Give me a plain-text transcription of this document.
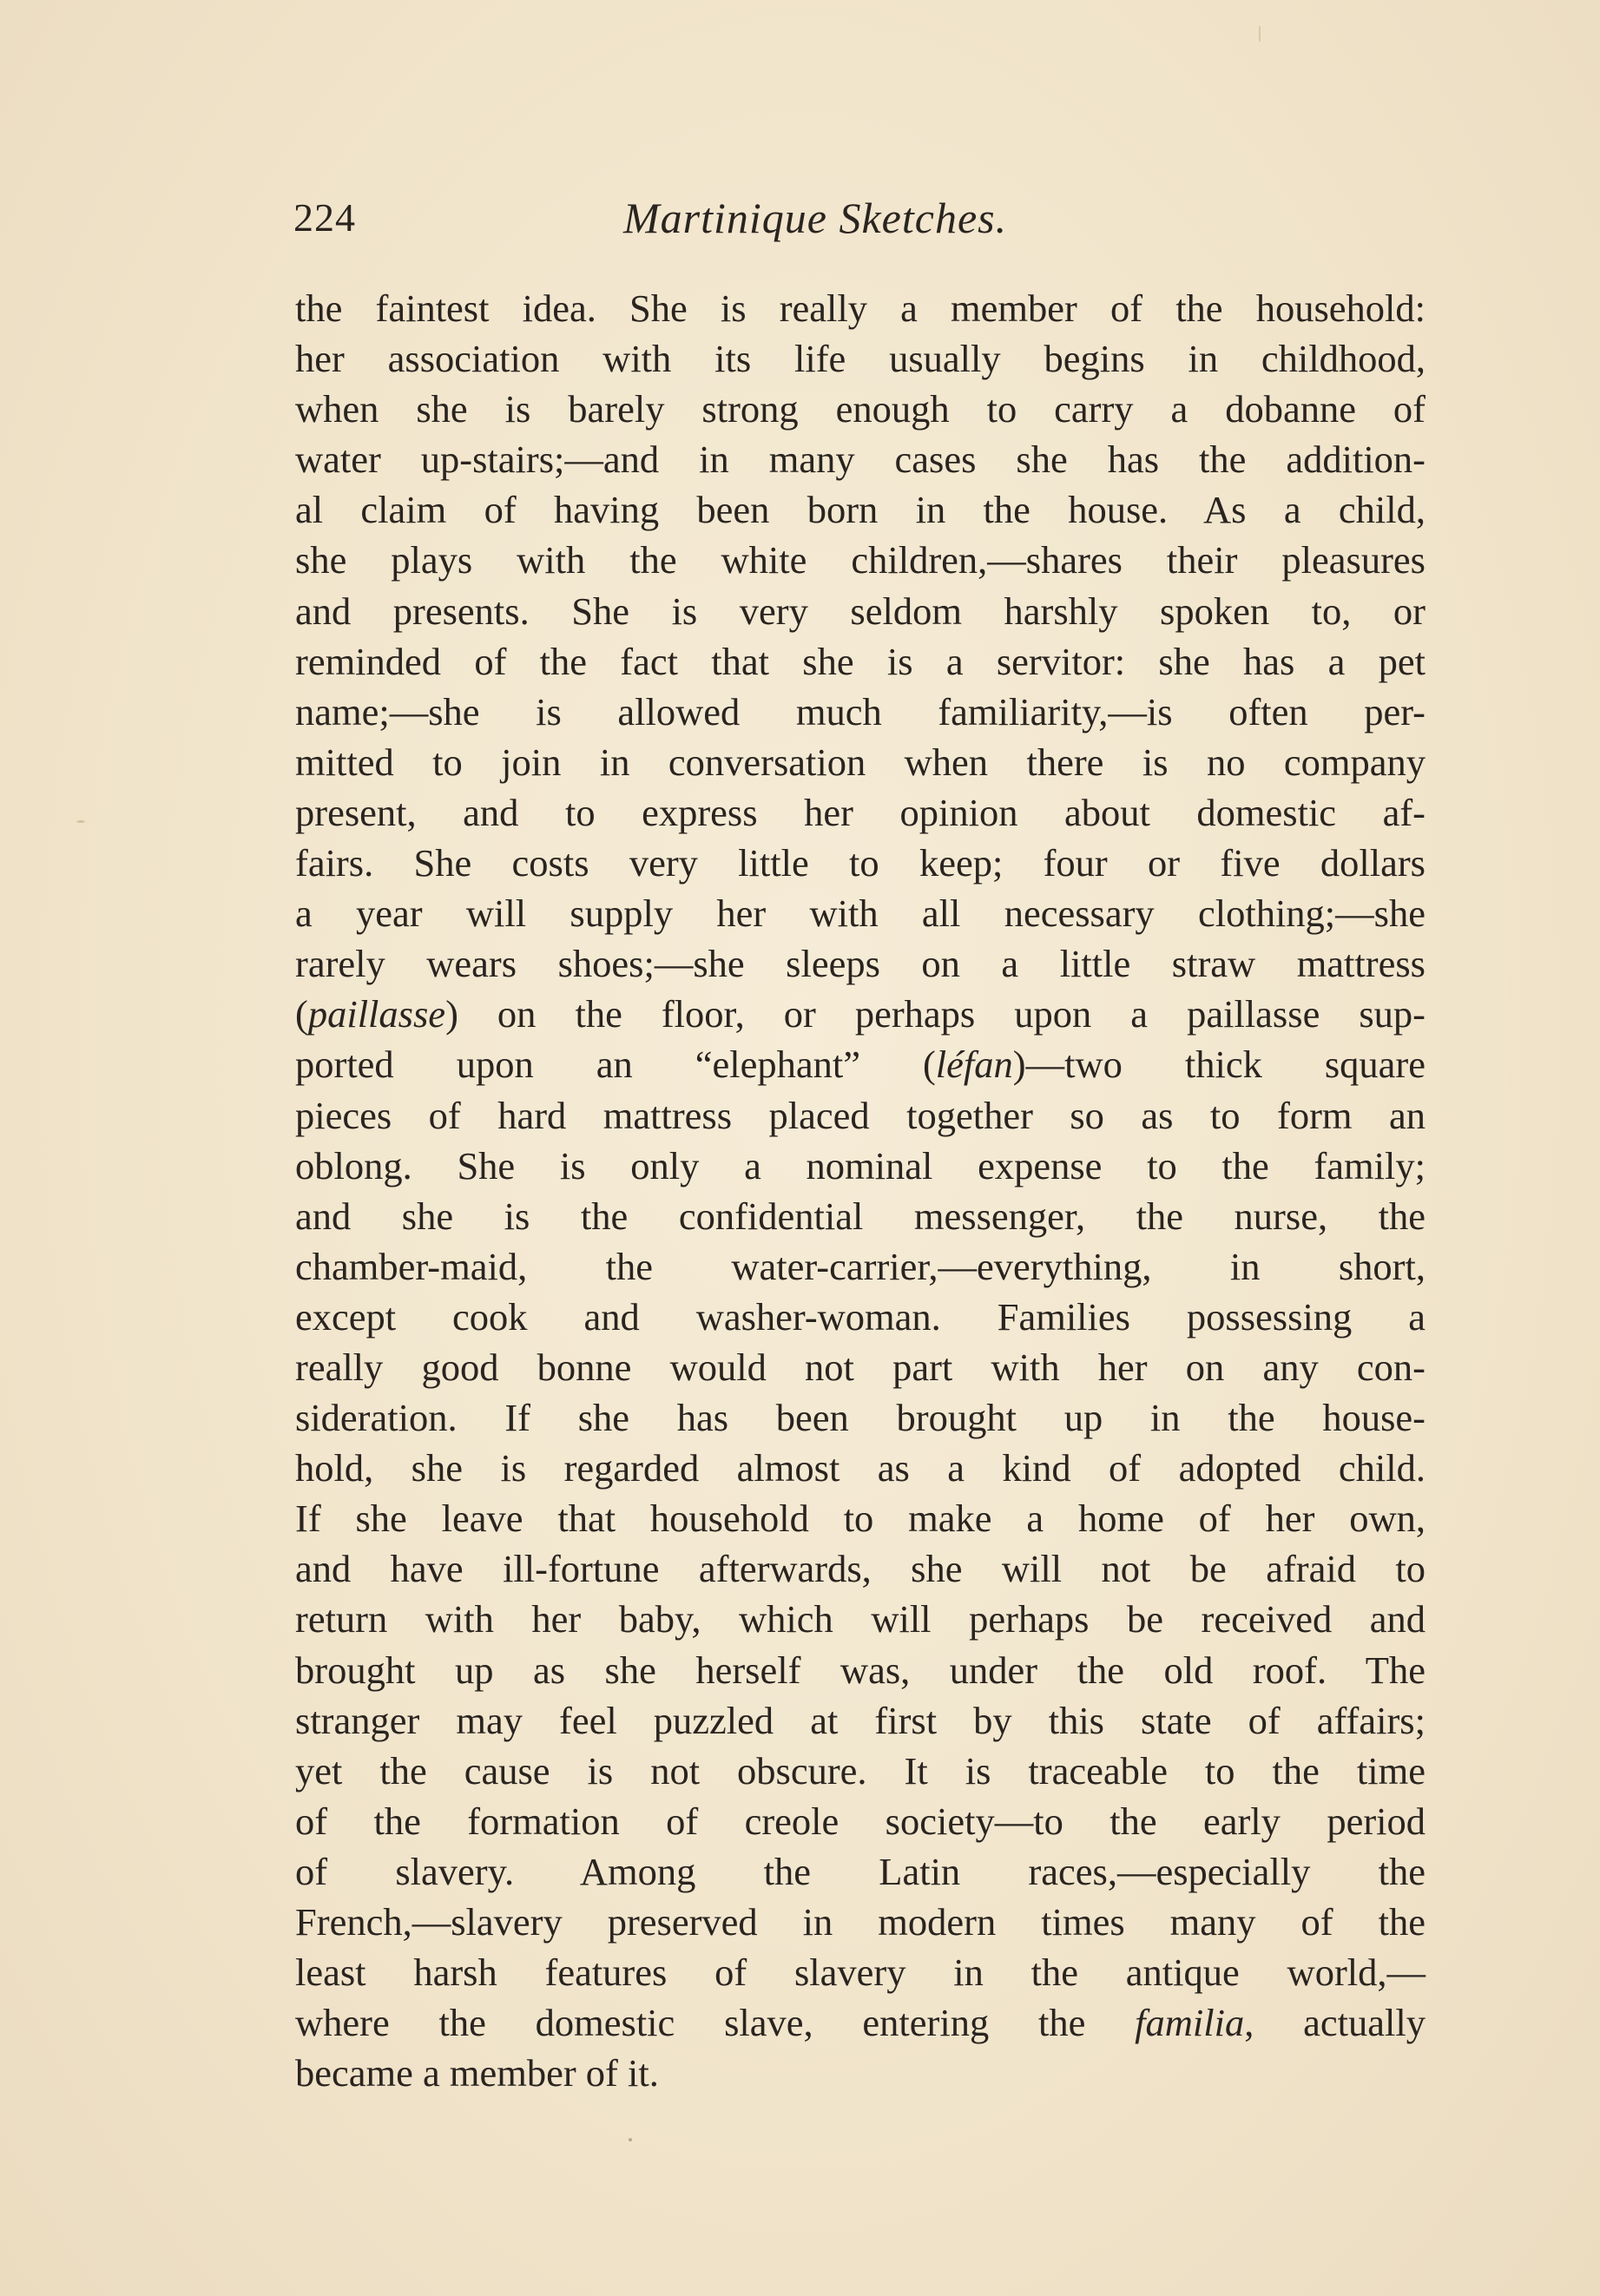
224	Martinique Sketches.
the faintest idea. She is really a member of the household:
her association with its life usually begins in childhood,
when she is barely strong enough to carry a dobanne of
water up-stairs;—and in many cases she has the addition-
al claim of having been born in the house. As a child,
she plays with the white children,—shares their pleasures
and presents. She is very seldom harshly spoken to, or
reminded of the fact that she is a servitor: she has a pet
name;—she is allowed much familiarity,—is often per-
mitted to join in conversation when there is no company
present, and to express her opinion about domestic af-
fairs. She costs very little to keep; four or five dollars
a year will supply her with all necessary clothing;—she
rarely wears shoes;—she sleeps on a little straw mattress
(paillasse) on the floor, or perhaps upon a paillasse sup-
ported upon an “elephant” (léfan)—two thick square
pieces of hard mattress placed together so as to form an
oblong. She is only a nominal expense to the family;
and she is the confidential messenger, the nurse, the
chamber-maid, the water-carrier,—everything, in short,
except cook and washer-woman. Families possessing a
really good bonne would not part with her on any con-
sideration. If she has been brought up in the house-
hold, she is regarded almost as a kind of adopted child.
If she leave that household to make a home of her own,
and have ill-fortune afterwards, she will not be afraid to
return with her baby, which will perhaps be received and
brought up as she herself was, under the old roof. The
stranger may feel puzzled at first by this state of affairs;
yet the cause is not obscure. It is traceable to the time
of the formation of creole society—to the early period
of slavery. Among the Latin races,—especially the
French,—slavery preserved in modern times many of the
least harsh features of slavery in the antique world,—
where the domestic slave, entering the familia, actually
became a member of it.
